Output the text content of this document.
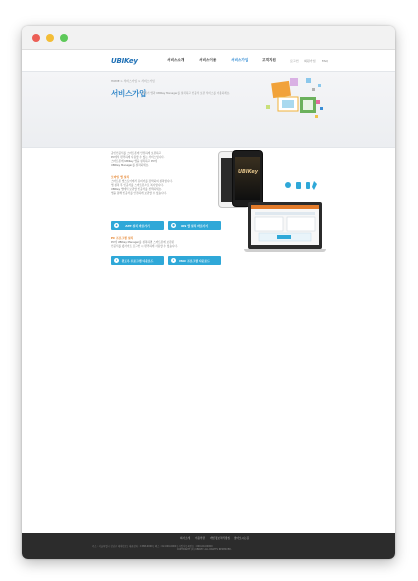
UBIKey	서비스소개	서비스이용	서비스가입	고객지원	로그인 회원가입 FAQ
HOME > 서비스가입 > 서비스가입
서비스가입
유비키 앱과 UBIKey Manager를 설치하고 인증서 보관 서비스를 이용하세요.
공인인증서를 스마트폰에 안전하게 보관하고
PC에서 편리하게 사용할 수 있는 서비스입니다.
스마트폰에 UBIKey 앱을 설치하고 PC에
UBIKey Manager를 설치하세요.
모바일 앱 설치
스마트폰 앱스토어에서 유비키를 검색하여 설치합니다.
앱 설치 후 인증서를 스마트폰으로 복사합니다.
UBIKey 앱에서 보관할 인증서를 선택하세요.
앱을 통해 인증서를 안전하게 보관할 수 있습니다.
UBIKey
◆	APP 설치 바로가기	●	iOS 앱 설치 바로가기
PC 프로그램 설치
PC에 UBIKey Manager를 설치하면 스마트폰에 보관된
인증서를 웹사이트 로그인 시 편리하게 사용할 수 있습니다.
↓	윈도우 프로그램 다운로드	↓	MAC 프로그램 다운로드
회사소개 이용약관 개인정보처리방침 찾아오시는길
주소 : 서울특별시 강남구 테헤란로 | 대표전화 : 1588-0000 | 팩스 : 02-000-0000 | 사업자등록번호 : 000-00-00000
COPYRIGHT (C) UBIKEY. ALL RIGHTS RESERVED.
